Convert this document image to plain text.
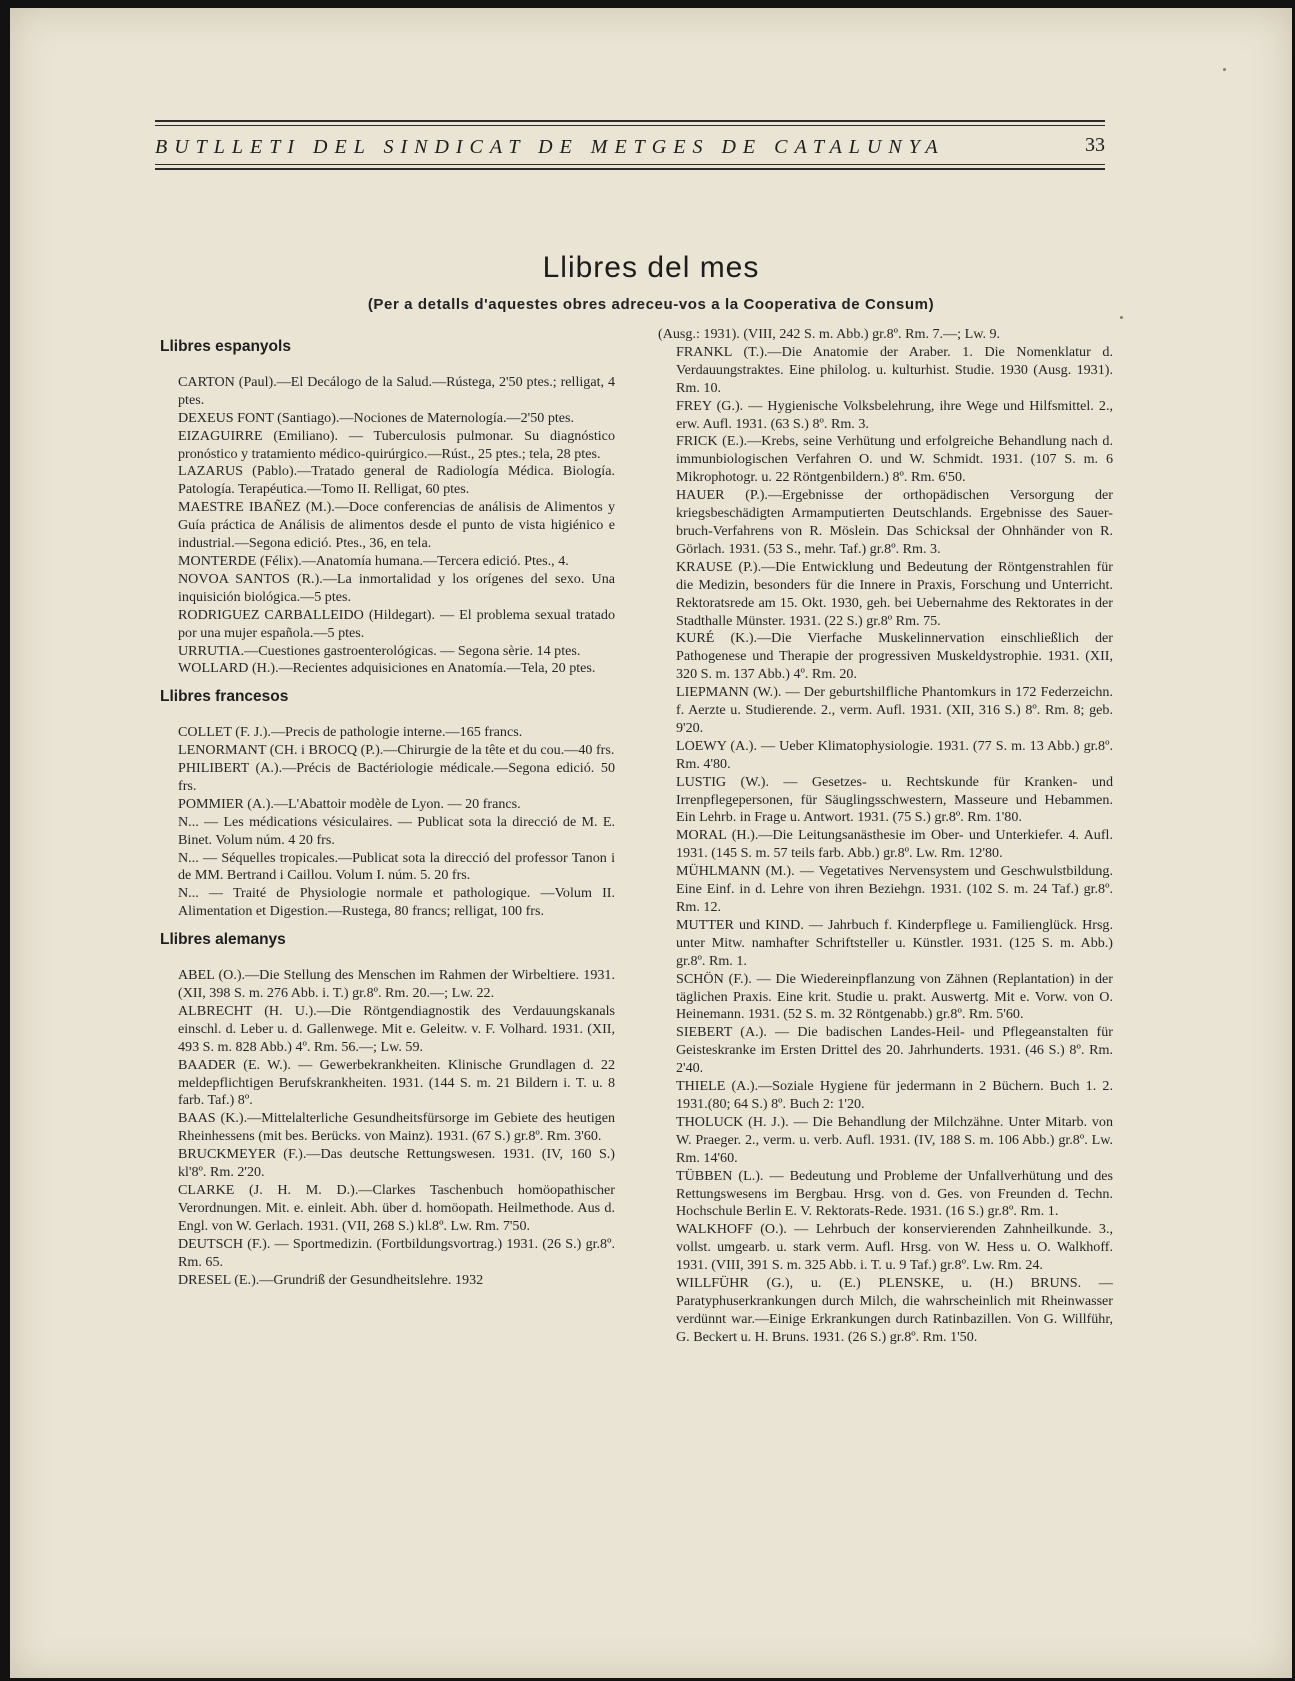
BUTLLETI DEL SINDICAT DE METGES DE CATALUNYA	33
Llibres del mes
(Per a detalls d'aquestes obres adreceu-vos a la Cooperativa de Consum)
Llibres espanyols
CARTON (Paul).—El Decálogo de la Salud.—Rústega, 2'50 ptes.; relligat, 4 ptes.
DEXEUS FONT (Santiago).—Nociones de Maternología.—2'50 ptes.
EIZAGUIRRE (Emiliano). — Tuberculosis pulmonar. Su diagnóstico pronóstico y tratamiento médico-quirúrgico.—Rúst., 25 ptes.; tela, 28 ptes.
LAZARUS (Pablo).—Tratado general de Radiología Médica. Biología. Patología. Terapéutica.—Tomo II. Relligat, 60 ptes.
MAESTRE IBAÑEZ (M.).—Doce conferencias de análisis de Alimentos y Guía práctica de Análisis de alimentos desde el punto de vista higiénico e industrial.—Segona edició. Ptes., 36, en tela.
MONTERDE (Félix).—Anatomía humana.—Tercera edició. Ptes., 4.
NOVOA SANTOS (R.).—La inmortalidad y los orígenes del sexo. Una inquisición biológica.—5 ptes.
RODRIGUEZ CARBALLEIDO (Hildegart). — El problema sexual tratado por una mujer española.—5 ptes.
URRUTIA.—Cuestiones gastroenterológicas. — Segona sèrie. 14 ptes.
WOLLARD (H.).—Recientes adquisiciones en Anatomía.—Tela, 20 ptes.
Llibres francesos
COLLET (F. J.).—Precis de pathologie interne.—165 francs.
LENORMANT (CH. i BROCQ (P.).—Chirurgie de la tête et du cou.—40 frs.
PHILIBERT (A.).—Précis de Bactériologie médicale.—Segona edició. 50 frs.
POMMIER (A.).—L'Abattoir modèle de Lyon. — 20 francs.
N... — Les médications vésiculaires. — Publicat sota la direcció de M. E. Binet. Volum núm. 4 20 frs.
N... — Séquelles tropicales.—Publicat sota la direcció del professor Tanon i de MM. Bertrand i Caillou. Volum I. núm. 5. 20 frs.
N... — Traité de Physiologie normale et pathologique. —Volum II. Alimentation et Digestion.—Rustega, 80 francs; relligat, 100 frs.
Llibres alemanys
ABEL (O.).—Die Stellung des Menschen im Rahmen der Wirbeltiere. 1931. (XII, 398 S. m. 276 Abb. i. T.) gr.8º. Rm. 20.—; Lw. 22.
ALBRECHT (H. U.).—Die Röntgendiagnostik des Verdauungskanals einschl. d. Leber u. d. Gallenwege. Mit e. Geleitw. v. F. Volhard. 1931. (XII, 493 S. m. 828 Abb.) 4º. Rm. 56.—; Lw. 59.
BAADER (E. W.). — Gewerbekrankheiten. Klinische Grundlagen d. 22 meldepflichtigen Berufskrankheiten. 1931. (144 S. m. 21 Bildern i. T. u. 8 farb. Taf.) 8º.
BAAS (K.).—Mittelalterliche Gesundheitsfürsorge im Gebiete des heutigen Rheinhessens (mit bes. Berücks. von Mainz). 1931. (67 S.) gr.8º. Rm. 3'60.
BRUCKMEYER (F.).—Das deutsche Rettungswesen. 1931. (IV, 160 S.) kl'8º. Rm. 2'20.
CLARKE (J. H. M. D.).—Clarkes Taschenbuch homöopathischer Verordnungen. Mit. e. einleit. Abh. über d. homöopath. Heilmethode. Aus d. Engl. von W. Gerlach. 1931. (VII, 268 S.) kl.8º. Lw. Rm. 7'50.
DEUTSCH (F.). — Sportmedizin. (Fortbildungsvortrag.) 1931. (26 S.) gr.8º. Rm. 65.
DRESEL (E.).—Grundriß der Gesundheitslehre. 1932
(Ausg.: 1931). (VIII, 242 S. m. Abb.) gr.8º. Rm. 7.—; Lw. 9.
FRANKL (T.).—Die Anatomie der Araber. 1. Die Nomenklatur d. Verdauungstraktes. Eine philolog. u. kulturhist. Studie. 1930 (Ausg. 1931). Rm. 10.
FREY (G.). — Hygienische Volksbelehrung, ihre Wege und Hilfsmittel. 2., erw. Aufl. 1931. (63 S.) 8º. Rm. 3.
FRICK (E.).—Krebs, seine Verhütung und erfolgreiche Behandlung nach d. immunbiologischen Verfahren O. und W. Schmidt. 1931. (107 S. m. 6 Mikrophotogr. u. 22 Röntgenbildern.) 8º. Rm. 6'50.
HAUER (P.).—Ergebnisse der orthopädischen Versorgung der kriegsbeschädigten Armamputierten Deutschlands. Ergebnisse des Sauer-bruch-Verfahrens von R. Möslein. Das Schicksal der Ohnhänder von R. Görlach. 1931. (53 S., mehr. Taf.) gr.8º. Rm. 3.
KRAUSE (P.).—Die Entwicklung und Bedeutung der Röntgenstrahlen für die Medizin, besonders für die Innere in Praxis, Forschung und Unterricht. Rektoratsrede am 15. Okt. 1930, geh. bei Uebernahme des Rektorates in der Stadthalle Münster. 1931. (22 S.) gr.8º Rm. 75.
KURÉ (K.).—Die Vierfache Muskelinnervation einschließlich der Pathogenese und Therapie der progressiven Muskeldystrophie. 1931. (XII, 320 S. m. 137 Abb.) 4º. Rm. 20.
LIEPMANN (W.). — Der geburtshilfliche Phantomkurs in 172 Federzeichn. f. Aerzte u. Studierende. 2., verm. Aufl. 1931. (XII, 316 S.) 8º. Rm. 8; geb. 9'20.
LOEWY (A.). — Ueber Klimatophysiologie. 1931. (77 S. m. 13 Abb.) gr.8º. Rm. 4'80.
LUSTIG (W.). — Gesetzes- u. Rechtskunde für Kranken- und Irrenpflegepersonen, für Säuglingsschwestern, Masseure und Hebammen. Ein Lehrb. in Frage u. Antwort. 1931. (75 S.) gr.8º. Rm. 1'80.
MORAL (H.).—Die Leitungsanästhesie im Ober- und Unterkiefer. 4. Aufl. 1931. (145 S. m. 57 teils farb. Abb.) gr.8º. Lw. Rm. 12'80.
MÜHLMANN (M.). — Vegetatives Nervensystem und Geschwulstbildung. Eine Einf. in d. Lehre von ihren Beziehgn. 1931. (102 S. m. 24 Taf.) gr.8º. Rm. 12.
MUTTER und KIND. — Jahrbuch f. Kinderpflege u. Familienglück. Hrsg. unter Mitw. namhafter Schriftsteller u. Künstler. 1931. (125 S. m. Abb.) gr.8º. Rm. 1.
SCHÖN (F.). — Die Wiedereinpflanzung von Zähnen (Replantation) in der täglichen Praxis. Eine krit. Studie u. prakt. Auswertg. Mit e. Vorw. von O. Heinemann. 1931. (52 S. m. 32 Röntgenabb.) gr.8º. Rm. 5'60.
SIEBERT (A.). — Die badischen Landes-Heil- und Pflegeanstalten für Geisteskranke im Ersten Drittel des 20. Jahrhunderts. 1931. (46 S.) 8º. Rm. 2'40.
THIELE (A.).—Soziale Hygiene für jedermann in 2 Büchern. Buch 1. 2. 1931.(80; 64 S.) 8º. Buch 2: 1'20.
THOLUCK (H. J.). — Die Behandlung der Milchzähne. Unter Mitarb. von W. Praeger. 2., verm. u. verb. Aufl. 1931. (IV, 188 S. m. 106 Abb.) gr.8º. Lw. Rm. 14'60.
TÜBBEN (L.). — Bedeutung und Probleme der Unfallverhütung und des Rettungswesens im Bergbau. Hrsg. von d. Ges. von Freunden d. Techn. Hochschule Berlin E. V. Rektorats-Rede. 1931. (16 S.) gr.8º. Rm. 1.
WALKHOFF (O.). — Lehrbuch der konservierenden Zahnheilkunde. 3., vollst. umgearb. u. stark verm. Aufl. Hrsg. von W. Hess u. O. Walkhoff. 1931. (VIII, 391 S. m. 325 Abb. i. T. u. 9 Taf.) gr.8º. Lw. Rm. 24.
WILLFÜHR (G.), u. (E.) PLENSKE, u. (H.) BRUNS. — Paratyphuserkrankungen durch Milch, die wahrscheinlich mit Rheinwasser verdünnt war.—Einige Erkrankungen durch Ratinbazillen. Von G. Willführ, G. Beckert u. H. Bruns. 1931. (26 S.) gr.8º. Rm. 1'50.
